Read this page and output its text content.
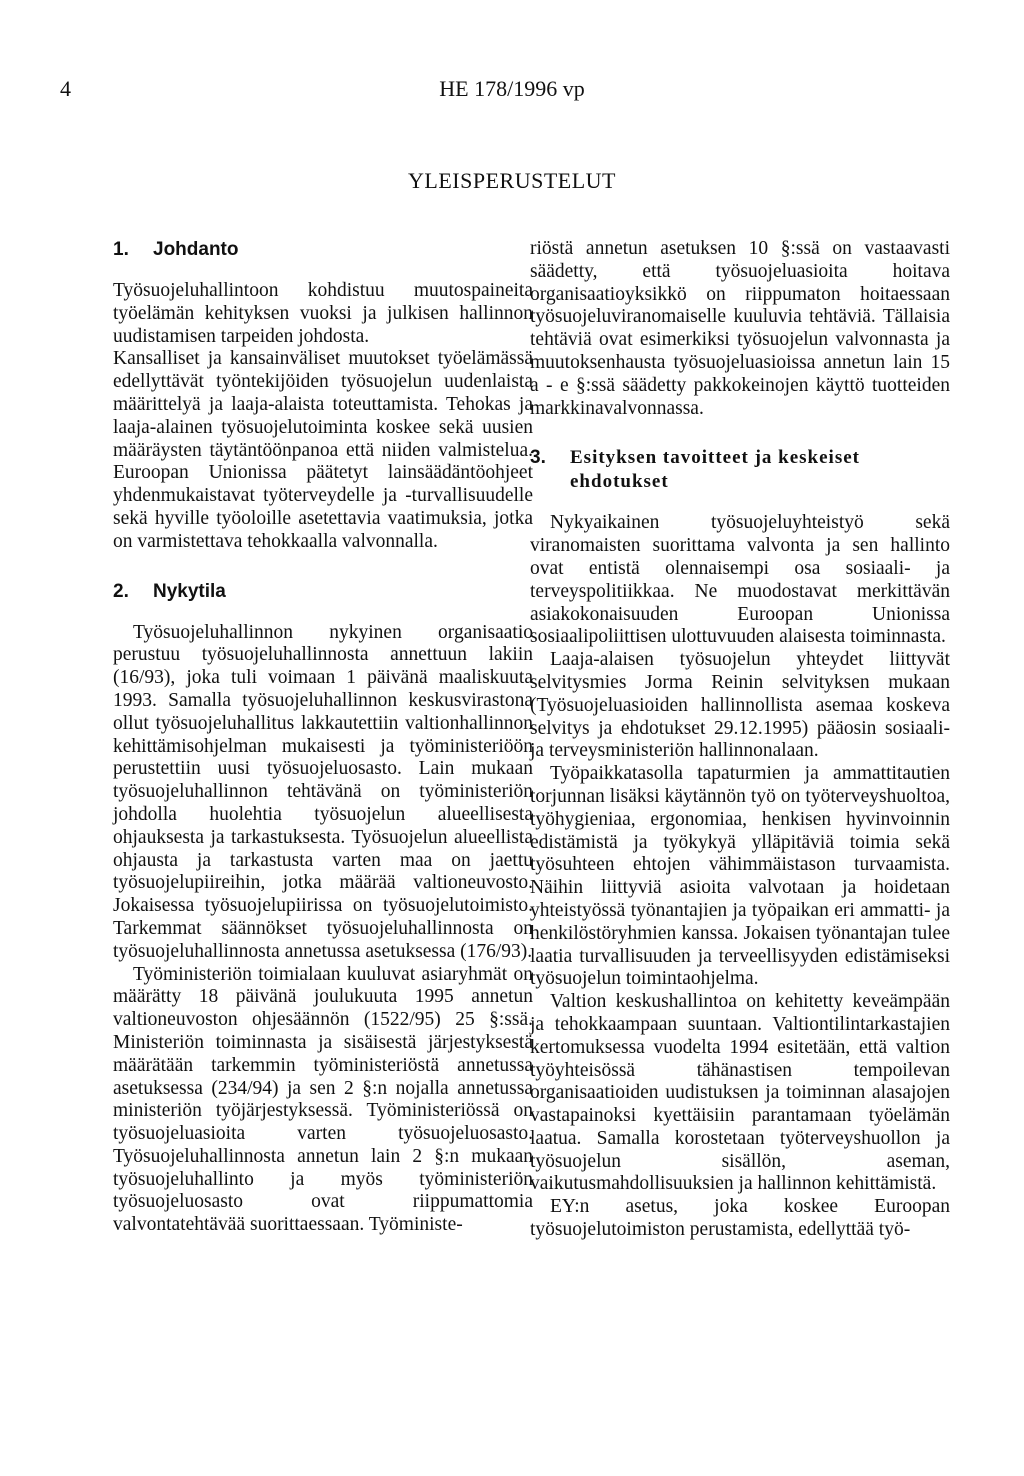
4	HE 178/1996 vp
YLEISPERUSTELUT
1.	Johdanto

Työsuojeluhallintoon kohdistuu muutospaineita työelämän kehityksen vuoksi ja julkisen hallinnon uudistamisen tarpeiden johdosta.

Kansalliset ja kansainväliset muutokset työelämässä edellyttävät työntekijöiden työsuojelun uudenlaista määrittelyä ja laaja-alaista toteuttamista. Tehokas ja laaja-alainen työsuojelutoiminta koskee sekä uusien määräysten täytäntöönpanoa että niiden valmistelua. Euroopan Unionissa päätetyt lainsäädäntöohjeet yhdenmukaistavat työterveydelle ja -turvallisuudelle sekä hyville työoloille asetettavia vaatimuksia, jotka on varmistettava tehokkaalla valvonnalla.

2.	Nykytila

Työsuojeluhallinnon nykyinen organisaatio perustuu työsuojeluhallinnosta annettuun lakiin (16/93), joka tuli voimaan 1 päivänä maaliskuuta 1993. Samalla työsuojeluhallinnon keskusvirastona ollut työsuojeluhallitus lakkautettiin valtionhallinnon kehittämisohjelman mukaisesti ja työministeriöön perustettiin uusi työsuojeluosasto. Lain mukaan työsuojeluhallinnon tehtävänä on työministeriön johdolla huolehtia työsuojelun alueellisesta ohjauksesta ja tarkastuksesta. Työsuojelun alueellista ohjausta ja tarkastusta varten maa on jaettu työsuojelupiireihin, jotka määrää valtioneuvosto. Jokaisessa työsuojelupiirissa on työsuojelutoimisto. Tarkemmat säännökset työsuojeluhallinnosta on työsuojeluhallinnosta annetussa asetuksessa (176/93).

Työministeriön toimialaan kuuluvat asiaryhmät on määrätty 18 päivänä joulukuuta 1995 annetun valtioneuvoston ohjesäännön (1522/95) 25 §:ssä. Ministeriön toiminnasta ja sisäisestä järjestyksestä määrätään tarkemmin työministeriöstä annetussa asetuksessa (234/94) ja sen 2 §:n nojalla annetussa ministeriön työjärjestyksessä. Työministeriössä on työsuojeluasioita varten työsuojeluosasto. Työsuojeluhallinnosta annetun lain 2 §:n mukaan työsuojeluhallinto ja myös työministeriön työsuojeluosasto ovat riippumattomia valvontatehtävää suorittaessaan. Työministe-

riöstä annetun asetuksen 10 §:ssä on vastaavasti säädetty, että työsuojeluasioita hoitava organisaatioyksikkö on riippumaton hoitaessaan työsuojeluviranomaiselle kuuluvia tehtäviä. Tällaisia tehtäviä ovat esimerkiksi työsuojelun valvonnasta ja muutoksenhausta työsuojeluasioissa annetun lain 15 a - e §:ssä säädetty pakkokeinojen käyttö tuotteiden markkinavalvonnassa.

3.	Esityksen tavoitteet ja keskeiset ehdotukset

Nykyaikainen työsuojeluyhteistyö sekä viranomaisten suorittama valvonta ja sen hallinto ovat entistä olennaisempi osa sosiaali- ja terveyspolitiikkaa. Ne muodostavat merkittävän asiakokonaisuuden Euroopan Unionissa sosiaalipoliittisen ulottuvuuden alaisesta toiminnasta.

Laaja-alaisen työsuojelun yhteydet liittyvät selvitysmies Jorma Reinin selvityksen mukaan (Työsuojeluasioiden hallinnollista asemaa koskeva selvitys ja ehdotukset 29.12.1995) pääosin sosiaali- ja terveysministeriön hallinnonalaan.

Työpaikkatasolla tapaturmien ja ammattitautien torjunnan lisäksi käytännön työ on työterveyshuoltoa, työhygieniaa, ergonomiaa, henkisen hyvinvoinnin edistämistä ja työkykyä ylläpitäviä toimia sekä työsuhteen ehtojen vähimmäistason turvaamista. Näihin liittyviä asioita valvotaan ja hoidetaan yhteistyössä työnantajien ja työpaikan eri ammatti- ja henkilöstöryhmien kanssa. Jokaisen työnantajan tulee laatia turvallisuuden ja terveellisyyden edistämiseksi työsuojelun toimintaohjelma.

Valtion keskushallintoa on kehitetty keveämpään ja tehokkaampaan suuntaan. Valtiontilintarkastajien kertomuksessa vuodelta 1994 esitetään, että valtion työyhteisössä tähänastisen tempoilevan organisaatioiden uudistuksen ja toiminnan alasajojen vastapainoksi kyettäisiin parantamaan työelämän laatua. Samalla korostetaan työterveyshuollon ja työsuojelun sisällön, aseman, vaikutusmahdollisuuksien ja hallinnon kehittämistä.

EY:n asetus, joka koskee Euroopan työsuojelutoimiston perustamista, edellyttää työ-
